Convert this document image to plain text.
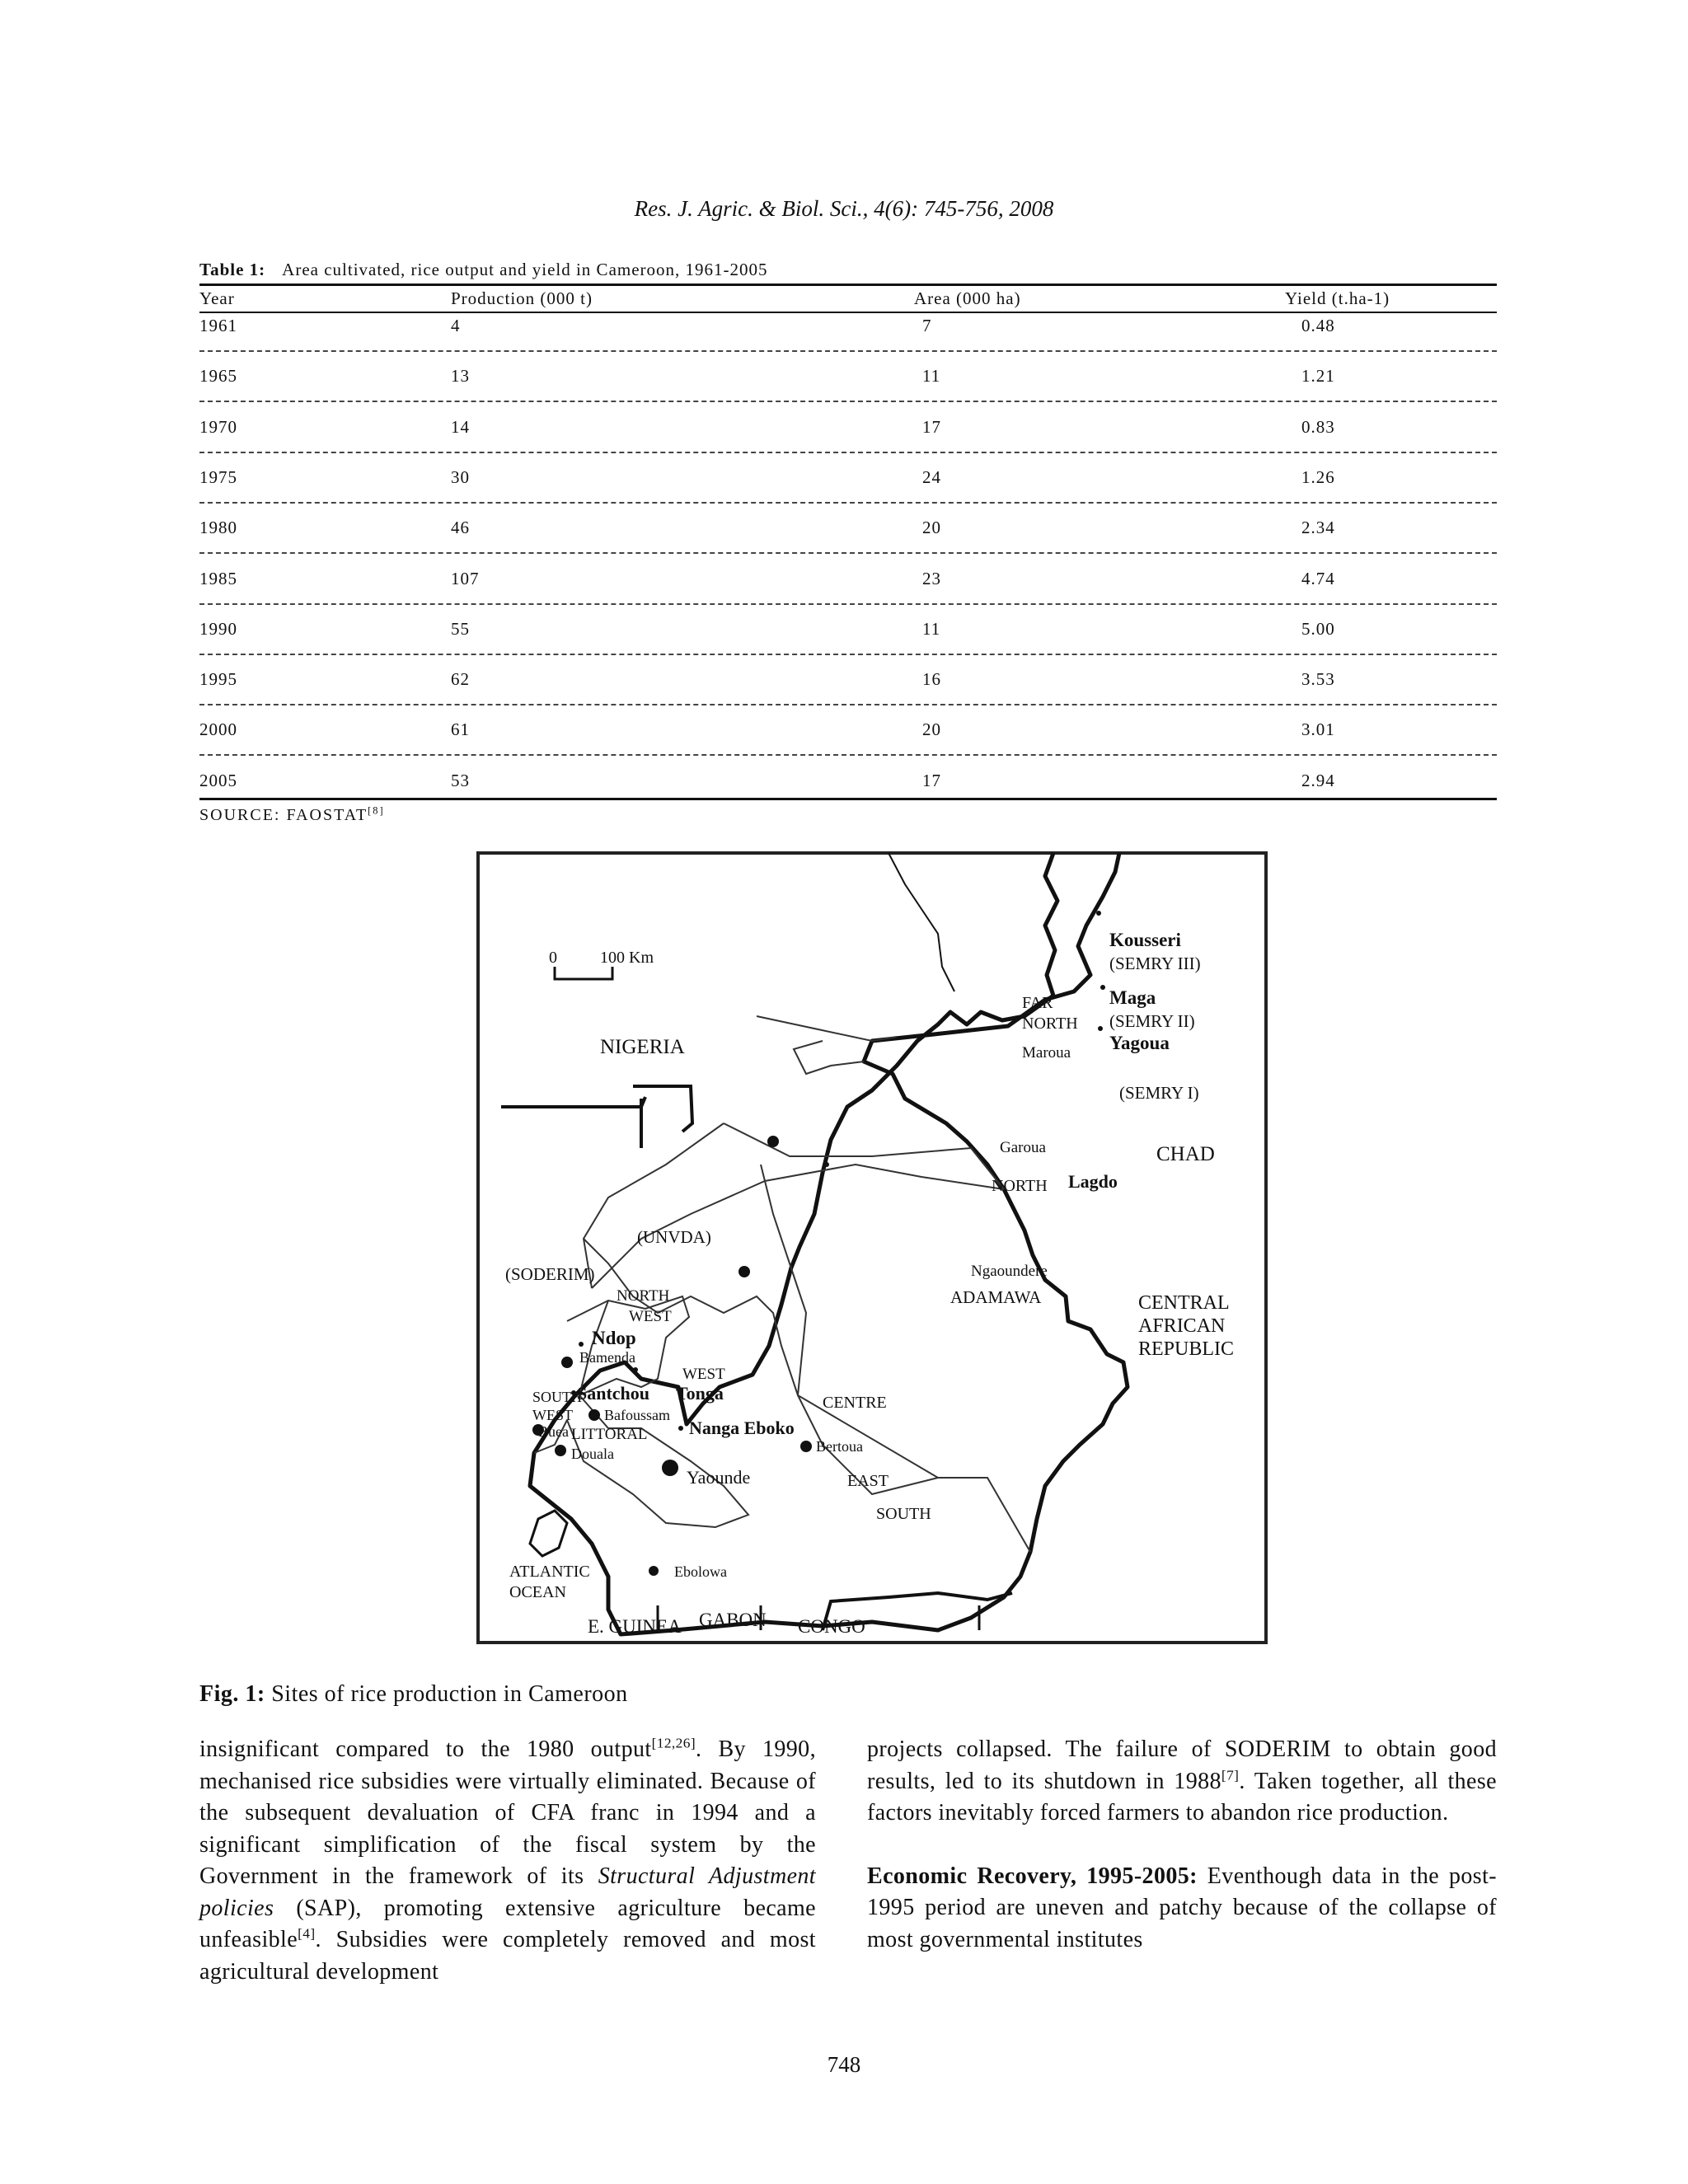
Res. J. Agric. & Biol. Sci., 4(6): 745-756, 2008
Table 1: Area cultivated, rice output and yield in Cameroon, 1961-2005
Year	Production (000 t)	Area (000 ha)	Yield (t.ha-1)
1961	4	7	0.48
1965	13	11	1.21
1970	14	17	0.83
1975	30	24	1.26
1980	46	20	2.34
1985	107	23	4.74
1990	55	11	5.00
1995	62	16	3.53
2000	61	20	3.01
2005	53	17	2.94
SOURCE: FAOSTAT[8]
0	100 Km
NIGERIA
CHAD
CENTRAL
AFRICAN
REPUBLIC
ATLANTIC
OCEAN
E. GUINEA GABON CONGO
FAR
NORTH
Maroua
Kousseri
(SEMRY III)
Maga
(SEMRY II)
Yagoua
(SEMRY I)
Garoua
NORTH Lagdo
Ngaoundere
ADAMAWA
(UNVDA)
(SODERIM)
NORTH
WEST
Ndop
Bamenda
WEST
Santchou Tonga
Bafoussam
SOUTH
WEST
Buea LITTORAL
Douala
CENTRE
Nanga Eboko
Yaounde
Bertoua
EAST
SOUTH
Ebolowa
Fig. 1: Sites of rice production in Cameroon

insignificant compared to the 1980 output[12,26]. By 1990, mechanised rice subsidies were virtually eliminated. Because of the subsequent devaluation of CFA franc in 1994 and a significant simplification of the fiscal system by the Government in the framework of its Structural Adjustment policies (SAP), promoting extensive agriculture became unfeasible[4]. Subsidies were completely removed and most agricultural development

projects collapsed. The failure of SODERIM to obtain good results, led to its shutdown in 1988[7]. Taken together, all these factors inevitably forced farmers to abandon rice production.

Economic Recovery, 1995-2005: Eventhough data in the post-1995 period are uneven and patchy because of the collapse of most governmental institutes

748
